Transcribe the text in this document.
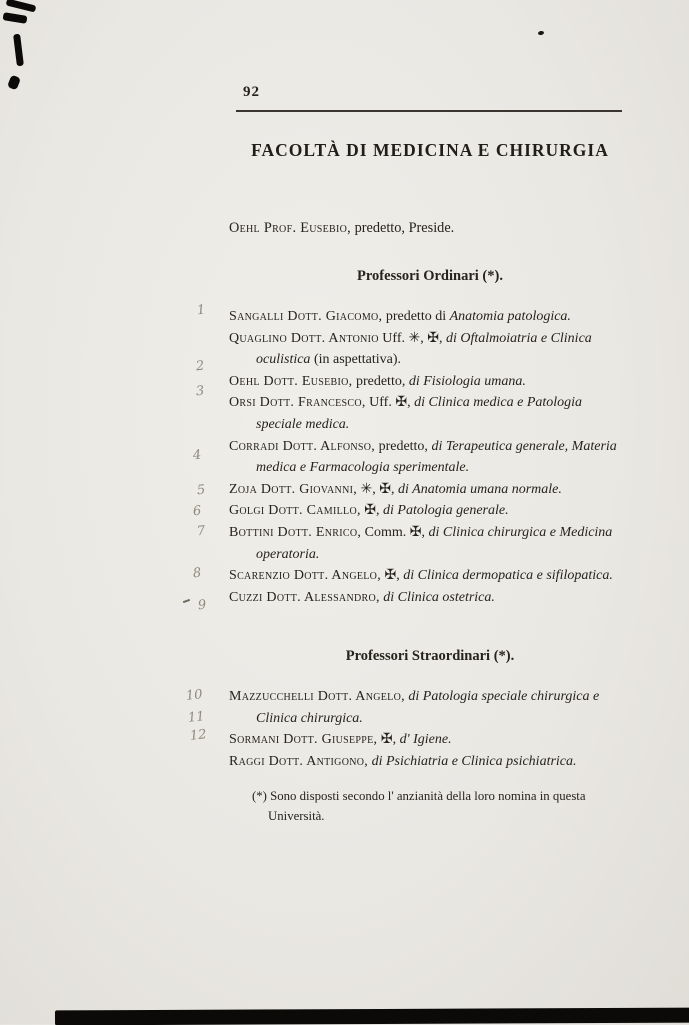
92
FACOLTÀ DI MEDICINA E CHIRURGIA
Oehl Prof. Eusebio, predetto, Preside.
Professori Ordinari (*).

Sangalli Dott. Giacomo, predetto di Anatomia patologica.

Quaglino Dott. Antonio Uff. ✳, ✠, di Oftalmoiatria e Clinica oculistica (in aspettativa).

Oehl Dott. Eusebio, predetto, di Fisiologia umana.

Orsi Dott. Francesco, Uff. ✠, di Clinica medica e Patologia speciale medica.

Corradi Dott. Alfonso, predetto, di Terapeutica generale, Materia medica e Farmacologia sperimentale.

Zoja Dott. Giovanni, ✳, ✠, di Anatomia umana normale.

Golgi Dott. Camillo, ✠, di Patologia generale.

Bottini Dott. Enrico, Comm. ✠, di Clinica chirurgica e Medicina operatoria.

Scarenzio Dott. Angelo, ✠, di Clinica dermopatica e sifilopatica.

Cuzzi Dott. Alessandro, di Clinica ostetrica.

Professori Straordinari (*).

Mazzucchelli Dott. Angelo, di Patologia speciale chirurgica e Clinica chirurgica.

Sormani Dott. Giuseppe, ✠, d' Igiene.

Raggi Dott. Antigono, di Psichiatria e Clinica psichiatrica.

(*) Sono disposti secondo l' anzianità della loro nomina in questa Università.
1
2
3
4
5
6
7
8
9
10
11
12
